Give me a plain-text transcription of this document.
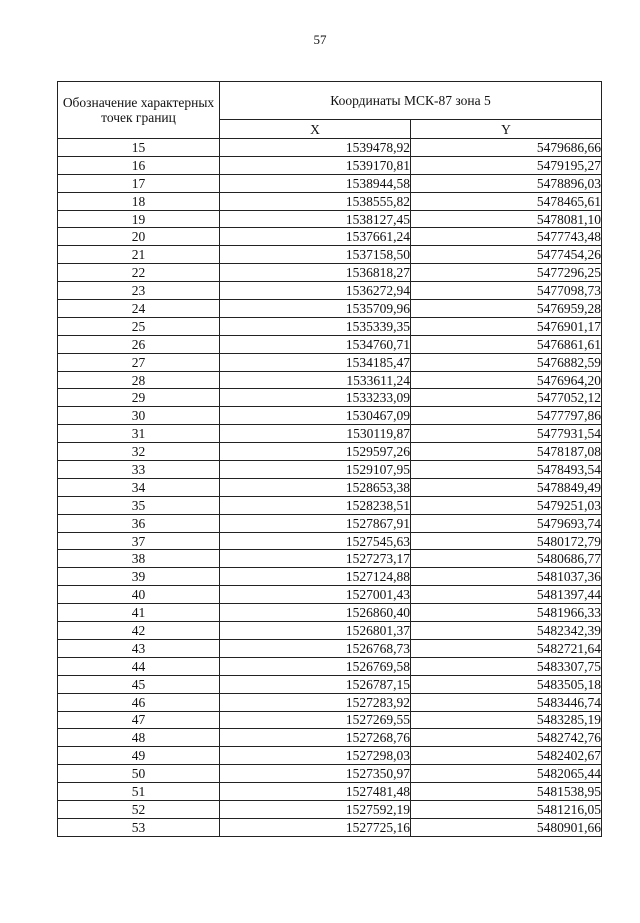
57
Обозначение характерных точек границ	Координаты МСК-87 зона 5	
	X	Y
15	1539478,92	5479686,66
16	1539170,81	5479195,27
17	1538944,58	5478896,03
18	1538555,82	5478465,61
19	1538127,45	5478081,10
20	1537661,24	5477743,48
21	1537158,50	5477454,26
22	1536818,27	5477296,25
23	1536272,94	5477098,73
24	1535709,96	5476959,28
25	1535339,35	5476901,17
26	1534760,71	5476861,61
27	1534185,47	5476882,59
28	1533611,24	5476964,20
29	1533233,09	5477052,12
30	1530467,09	5477797,86
31	1530119,87	5477931,54
32	1529597,26	5478187,08
33	1529107,95	5478493,54
34	1528653,38	5478849,49
35	1528238,51	5479251,03
36	1527867,91	5479693,74
37	1527545,63	5480172,79
38	1527273,17	5480686,77
39	1527124,88	5481037,36
40	1527001,43	5481397,44
41	1526860,40	5481966,33
42	1526801,37	5482342,39
43	1526768,73	5482721,64
44	1526769,58	5483307,75
45	1526787,15	5483505,18
46	1527283,92	5483446,74
47	1527269,55	5483285,19
48	1527268,76	5482742,76
49	1527298,03	5482402,67
50	1527350,97	5482065,44
51	1527481,48	5481538,95
52	1527592,19	5481216,05
53	1527725,16	5480901,66
